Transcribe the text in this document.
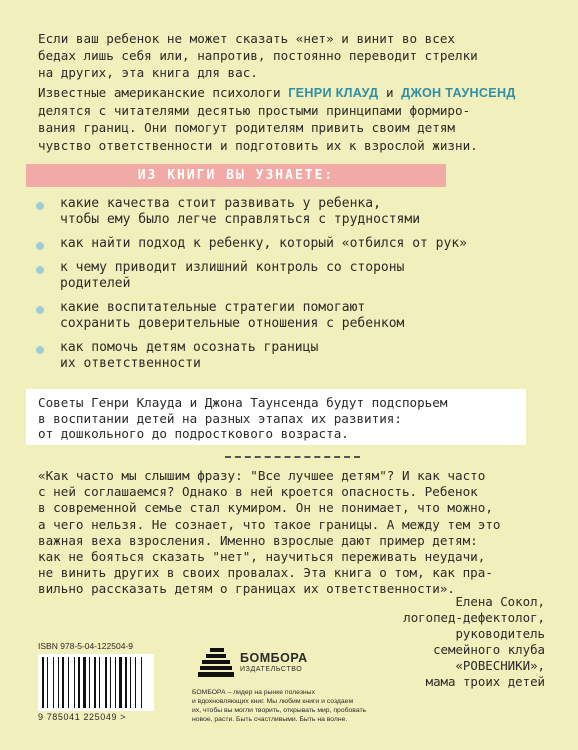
Если ваш ребенок не может сказать «нет» и винит во всех

бедах лишь себя или, напротив, постоянно переводит стрелки

на других, эта книга для вас.

Известные американские психологи ГЕНРИ КЛАУД и ДЖОН ТАУНСЕНД

делятся с читателями десятью простыми принципами формиро-

вания границ. Они помогут родителям привить своим детям

чувство ответственности и подготовить их к взрослой жизни.

ИЗ КНИГИ ВЫ УЗНАЕТЕ:
какие качества стоит развивать у ребенка,
чтобы ему было легче справляться с трудностями
как найти подход к ребенку, который «отбился от рук»
к чему приводит излишний контроль со стороны
родителей
какие воспитательные стратегии помогают
сохранить доверительные отношения с ребенком
как помочь детям осознать границы
их ответственности

Советы Генри Клауда и Джона Таунсенда будут подспорьем

в воспитании детей на разных этапах их развития:

от дошкольного до подросткового возраста.

«Как часто мы слышим фразу: "Все лучшее детям"? И как часто

с ней соглашаемся? Однако в ней кроется опасность. Ребенок

в современной семье стал кумиром. Он не понимает, что можно,

а чего нельзя. Не сознает, что такое границы. А между тем это

важная веха взросления. Именно взрослые дают пример детям:

как не бояться сказать "нет", научиться переживать неудачи,

не винить других в своих провалах. Эта книга о том, как пра-

вильно рассказать детям о границах их ответственности».

Елена Сокол,
логопед-дефектолог,
руководитель
семейного клуба
«РОВЕСНИКИ»,
мама троих детей
ISBN 978-5-04-122504-9
9 785041 225049 >
БОМБОРА
ИЗДАТЕЛЬСТВО
БОМБОРА – лидер на рынке полезных
и вдохновляющих книг. Мы любим книги и создаем
их, чтобы вы могли творить, открывать мир, пробовать
новое, расти. Быть счастливыми. Быть на волне.
